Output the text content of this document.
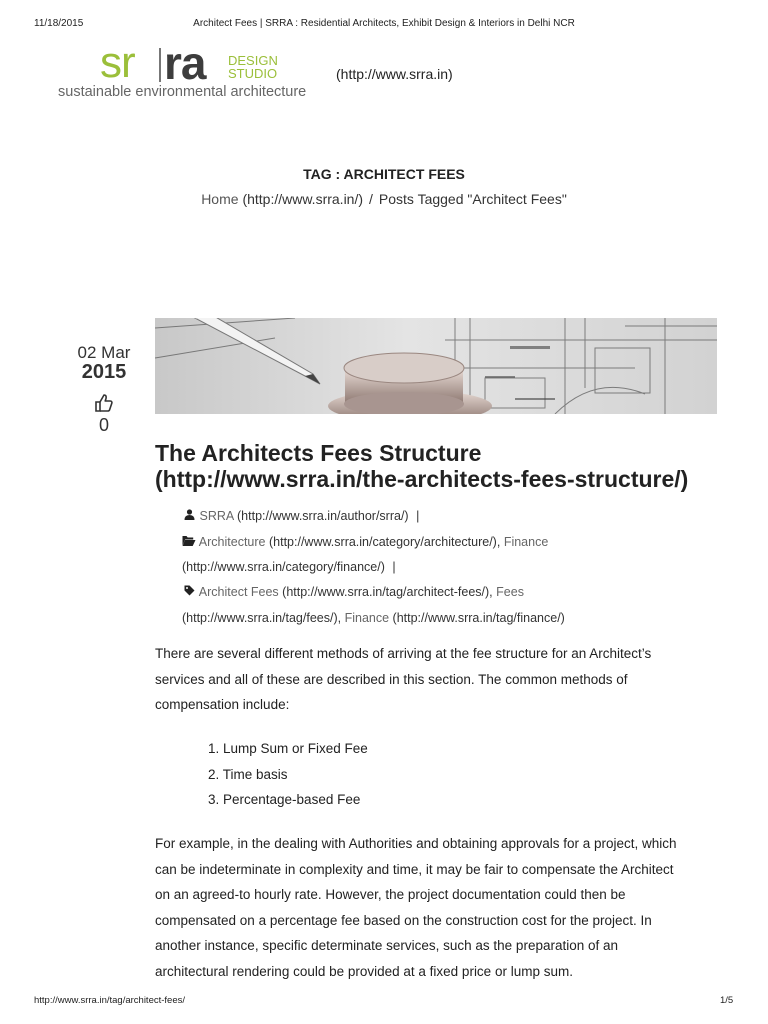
11/18/2015	Architect Fees | SRRA : Residential Architects, Exhibit Design & Interiors in Delhi NCR
sr ra DESIGN
STUDIO
sustainable environmental architecture
(http://www.srra.in)
TAG : ARCHITECT FEES
Home (http://www.srra.in/) / Posts Tagged "Architect Fees"
02 Mar
2015
0
The Architects Fees Structure
(http://www.srra.in/the-architects-fees-structure/)
SRRA (http://www.srra.in/author/srra/) |
Architecture (http://www.srra.in/category/architecture/), Finance
(http://www.srra.in/category/finance/) |
Architect Fees (http://www.srra.in/tag/architect-fees/), Fees
(http://www.srra.in/tag/fees/), Finance (http://www.srra.in/tag/finance/)
There are several different methods of arriving at the fee structure for an Architect’s
services and all of these are described in this section. The common methods of
compensation include:
1. Lump Sum or Fixed Fee
2. Time basis
3. Percentage-based Fee
For example, in the dealing with Authorities and obtaining approvals for a project, which
can be indeterminate in complexity and time, it may be fair to compensate the Architect
on an agreed-to hourly rate. However, the project documentation could then be
compensated on a percentage fee based on the construction cost for the project. In
another instance, specific determinate services, such as the preparation of an
architectural rendering could be provided at a fixed price or lump sum.
http://www.srra.in/tag/architect-fees/	1/5
